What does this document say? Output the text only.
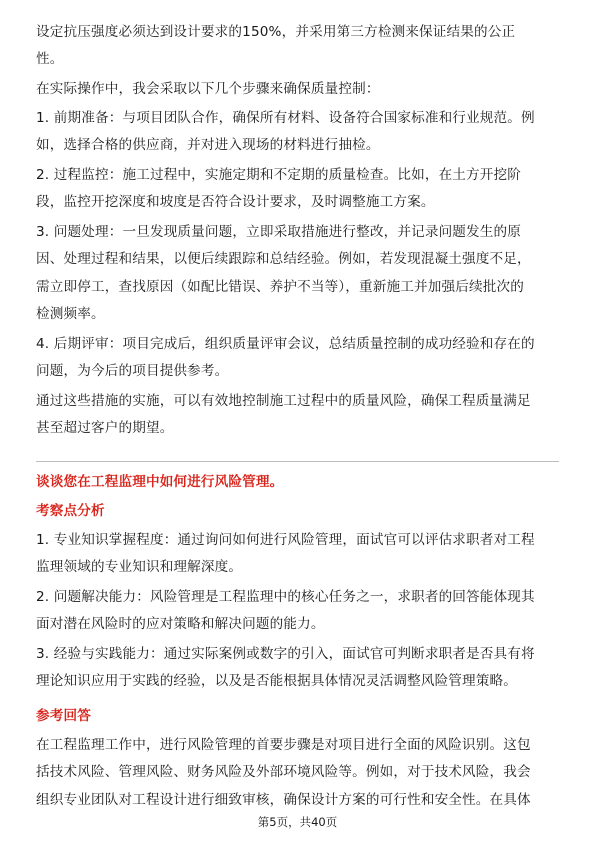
设定抗压强度必须达到设计要求的150%，并采用第三方检测来保证结果的公正
性。
在实际操作中，我会采取以下几个步骤来确保质量控制：
1. 前期准备：与项目团队合作，确保所有材料、设备符合国家标准和行业规范。例
如，选择合格的供应商，并对进入现场的材料进行抽检。
2. 过程监控：施工过程中，实施定期和不定期的质量检查。比如，在土方开挖阶
段，监控开挖深度和坡度是否符合设计要求，及时调整施工方案。
3. 问题处理：一旦发现质量问题，立即采取措施进行整改，并记录问题发生的原
因、处理过程和结果，以便后续跟踪和总结经验。例如，若发现混凝土强度不足，
需立即停工，查找原因（如配比错误、养护不当等），重新施工并加强后续批次的
检测频率。
4. 后期评审：项目完成后，组织质量评审会议，总结质量控制的成功经验和存在的
问题，为今后的项目提供参考。
通过这些措施的实施，可以有效地控制施工过程中的质量风险，确保工程质量满足
甚至超过客户的期望。
谈谈您在工程监理中如何进行风险管理。
考察点分析
1. 专业知识掌握程度：通过询问如何进行风险管理，面试官可以评估求职者对工程
监理领域的专业知识和理解深度。
2. 问题解决能力：风险管理是工程监理中的核心任务之一，求职者的回答能体现其
面对潜在风险时的应对策略和解决问题的能力。
3. 经验与实践能力：通过实际案例或数字的引入，面试官可判断求职者是否具有将
理论知识应用于实践的经验，以及是否能根据具体情况灵活调整风险管理策略。
参考回答
在工程监理工作中，进行风险管理的首要步骤是对项目进行全面的风险识别。这包
括技术风险、管理风险、财务风险及外部环境风险等。例如，对于技术风险，我会
组织专业团队对工程设计进行细致审核，确保设计方案的可行性和安全性。在具体
第5页，共40页
